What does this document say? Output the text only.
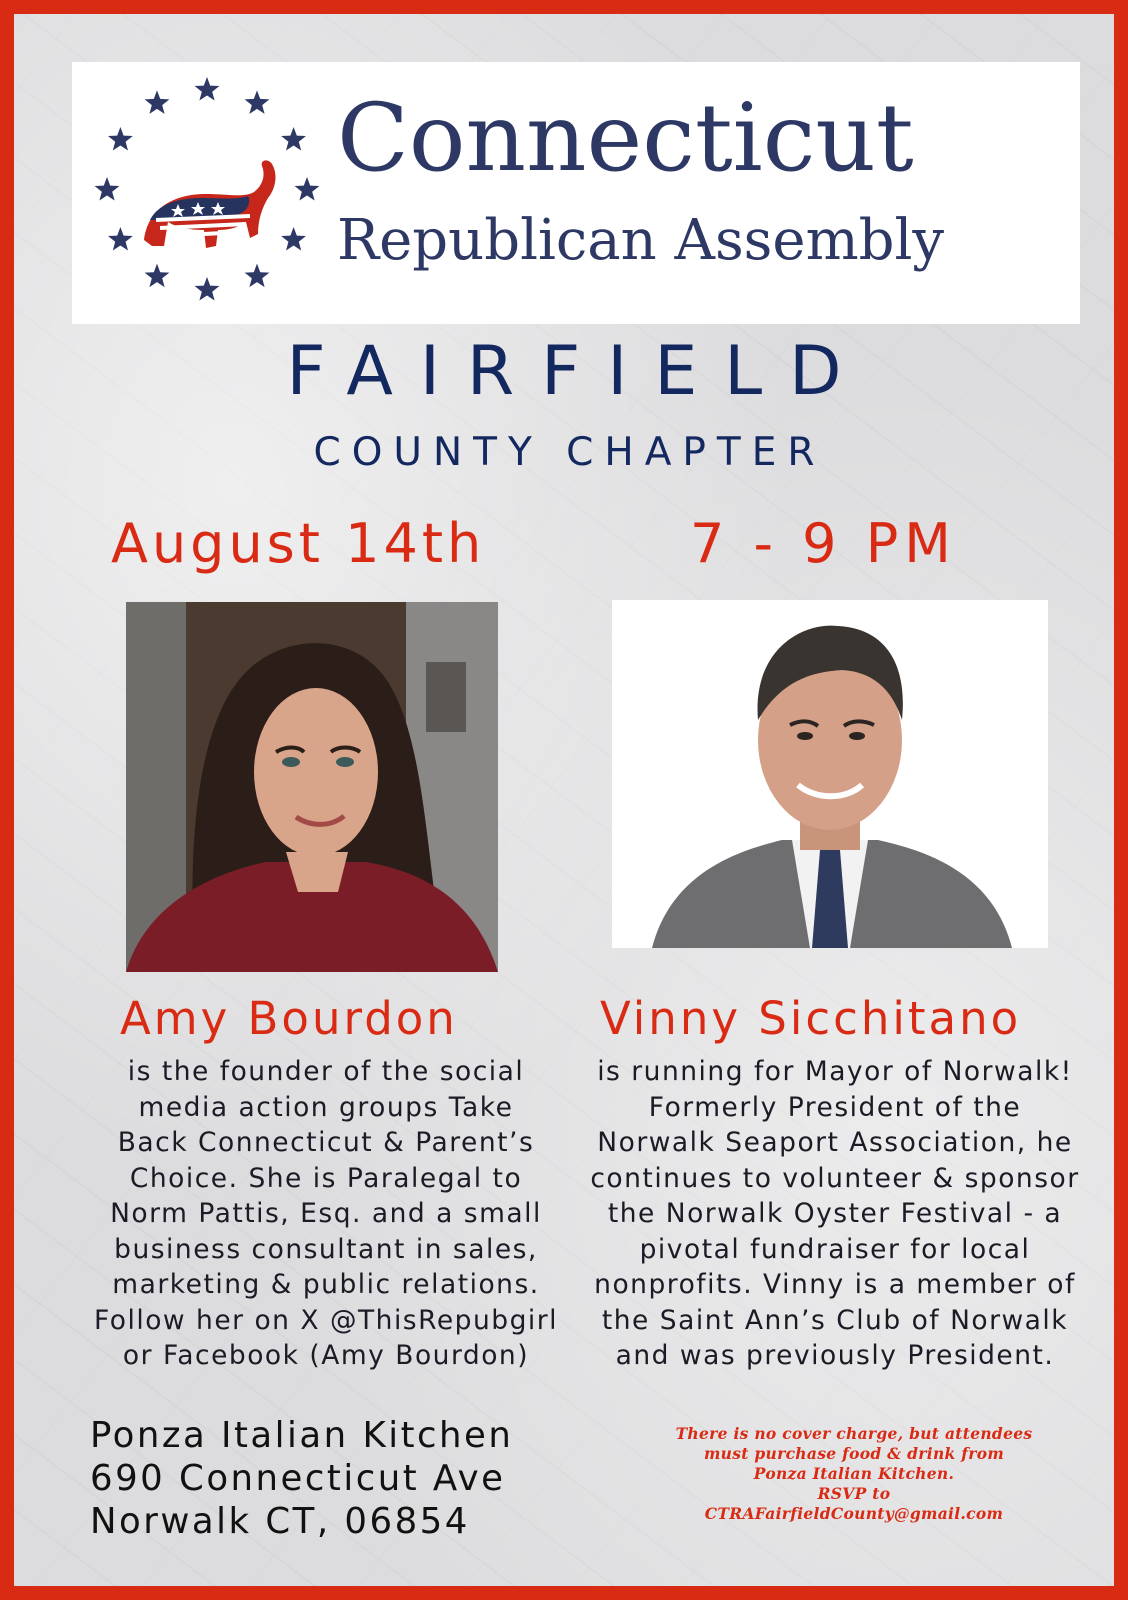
Connecticut
Republican Assembly
FAIRFIELD
COUNTY CHAPTER
August 14th	7 - 9 PM
Amy Bourdon	Vinny Sicchitano
is the founder of the social
media action groups Take
Back Connecticut & Parent’s
Choice. She is Paralegal to
Norm Pattis, Esq. and a small
business consultant in sales,
marketing & public relations.
Follow her on X @ThisRepubgirl
or Facebook (Amy Bourdon)
is running for Mayor of Norwalk!
Formerly President of the
Norwalk Seaport Association, he
continues to volunteer & sponsor
the Norwalk Oyster Festival - a
pivotal fundraiser for local
nonprofits. Vinny is a member of
the Saint Ann’s Club of Norwalk
and was previously President.
Ponza Italian Kitchen
690 Connecticut Ave
Norwalk CT, 06854
There is no cover charge, but attendees
must purchase food & drink from
Ponza Italian Kitchen.
RSVP to
CTRAFairfieldCounty@gmail.com
